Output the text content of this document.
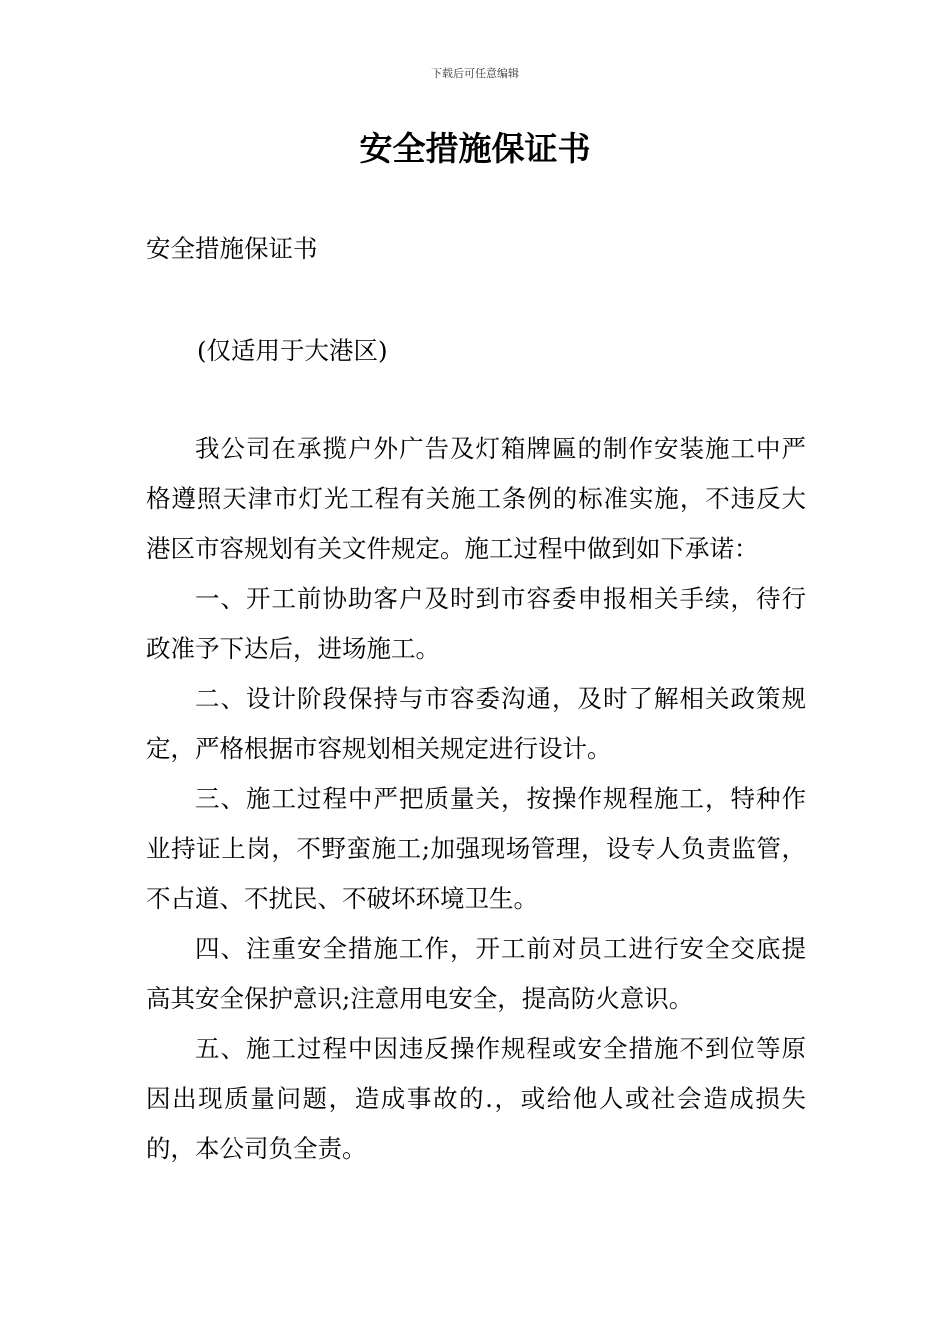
下载后可任意编辑
安全措施保证书

安全措施保证书

(仅适用于大港区)

我公司在承揽户外广告及灯箱牌匾的制作安装施工中严格遵照天津市灯光工程有关施工条例的标准实施，不违反大港区市容规划有关文件规定。施工过程中做到如下承诺：

一、开工前协助客户及时到市容委申报相关手续，待行政准予下达后，进场施工。

二、设计阶段保持与市容委沟通，及时了解相关政策规定，严格根据市容规划相关规定进行设计。

三、施工过程中严把质量关，按操作规程施工，特种作业持证上岗，不野蛮施工;加强现场管理，设专人负责监管，不占道、不扰民、不破坏环境卫生。

四、注重安全措施工作，开工前对员工进行安全交底提高其安全保护意识;注意用电安全，提高防火意识。

五、施工过程中因违反操作规程或安全措施不到位等原因出现质量问题，造成事故的.，或给他人或社会造成损失的，本公司负全责。
